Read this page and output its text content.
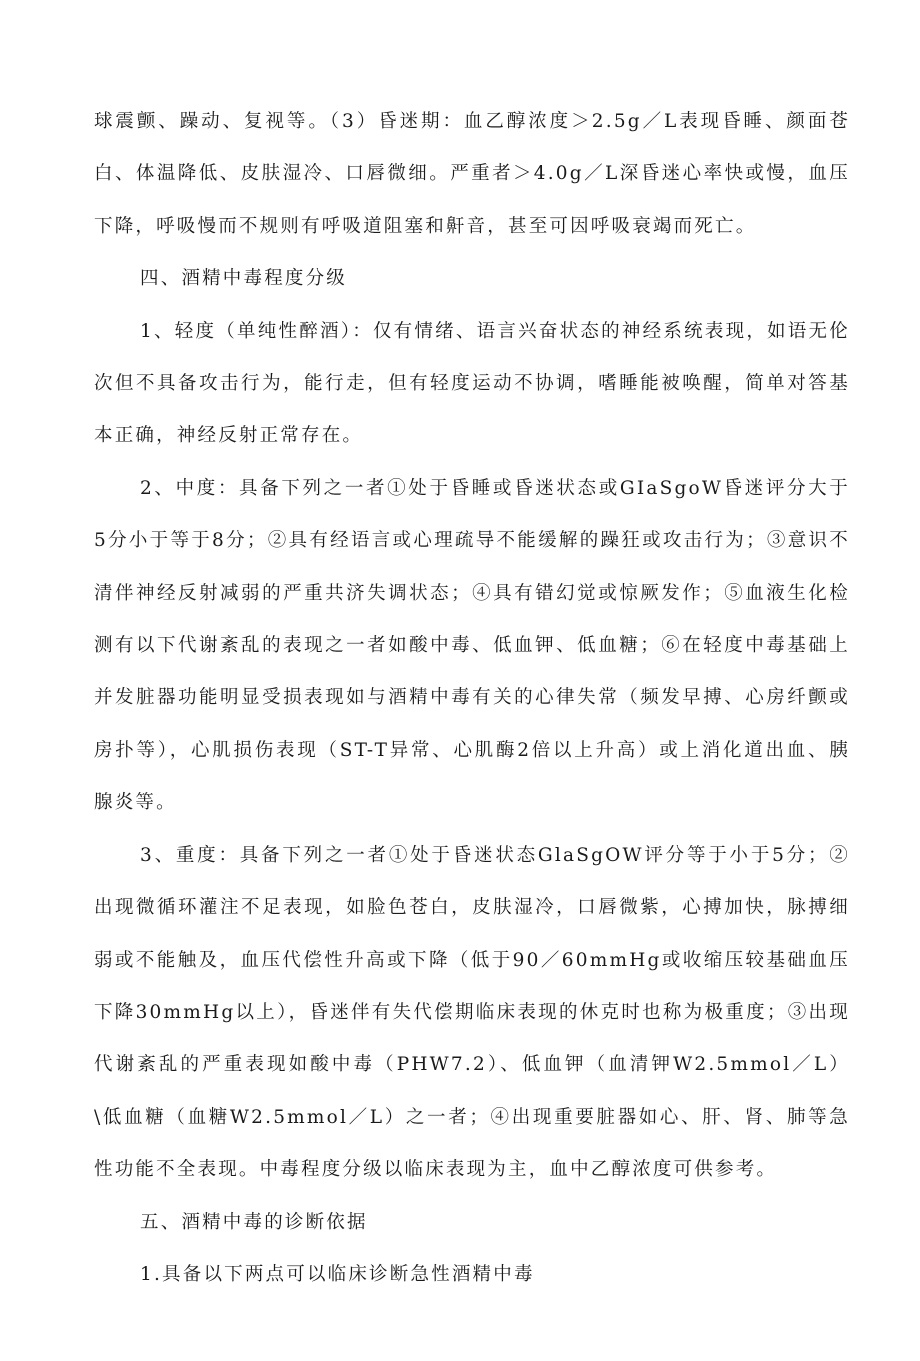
球震颤、躁动、复视等。（3）昏迷期：血乙醇浓度＞2.5g／L表现昏睡、颜面苍白、体温降低、皮肤湿冷、口唇微细。严重者＞4.0g／L深昏迷心率快或慢，血压下降，呼吸慢而不规则有呼吸道阻塞和鼾音，甚至可因呼吸衰竭而死亡。

四、酒精中毒程度分级

1、轻度（单纯性醉酒）：仅有情绪、语言兴奋状态的神经系统表现，如语无伦次但不具备攻击行为，能行走，但有轻度运动不协调，嗜睡能被唤醒，简单对答基本正确，神经反射正常存在。

2、中度：具备下列之一者①处于昏睡或昏迷状态或GIaSgoW昏迷评分大于5分小于等于8分；②具有经语言或心理疏导不能缓解的躁狂或攻击行为；③意识不清伴神经反射减弱的严重共济失调状态；④具有错幻觉或惊厥发作；⑤血液生化检测有以下代谢紊乱的表现之一者如酸中毒、低血钾、低血糖；⑥在轻度中毒基础上并发脏器功能明显受损表现如与酒精中毒有关的心律失常（频发早搏、心房纤颤或房扑等），心肌损伤表现（ST-T异常、心肌酶2倍以上升高）或上消化道出血、胰腺炎等。

3、重度：具备下列之一者①处于昏迷状态GlaSgOW评分等于小于5分；②出现微循环灌注不足表现，如脸色苍白，皮肤湿冷，口唇微紫，心搏加快，脉搏细弱或不能触及，血压代偿性升高或下降（低于90／60mmHg或收缩压较基础血压下降30mmHg以上），昏迷伴有失代偿期临床表现的休克时也称为极重度；③出现代谢紊乱的严重表现如酸中毒（PHW7.2）、低血钾（血清钾W2.5mmol／L）\低血糖（血糖W2.5mmol／L）之一者；④出现重要脏器如心、肝、肾、肺等急性功能不全表现。中毒程度分级以临床表现为主，血中乙醇浓度可供参考。

五、酒精中毒的诊断依据

1.具备以下两点可以临床诊断急性酒精中毒
